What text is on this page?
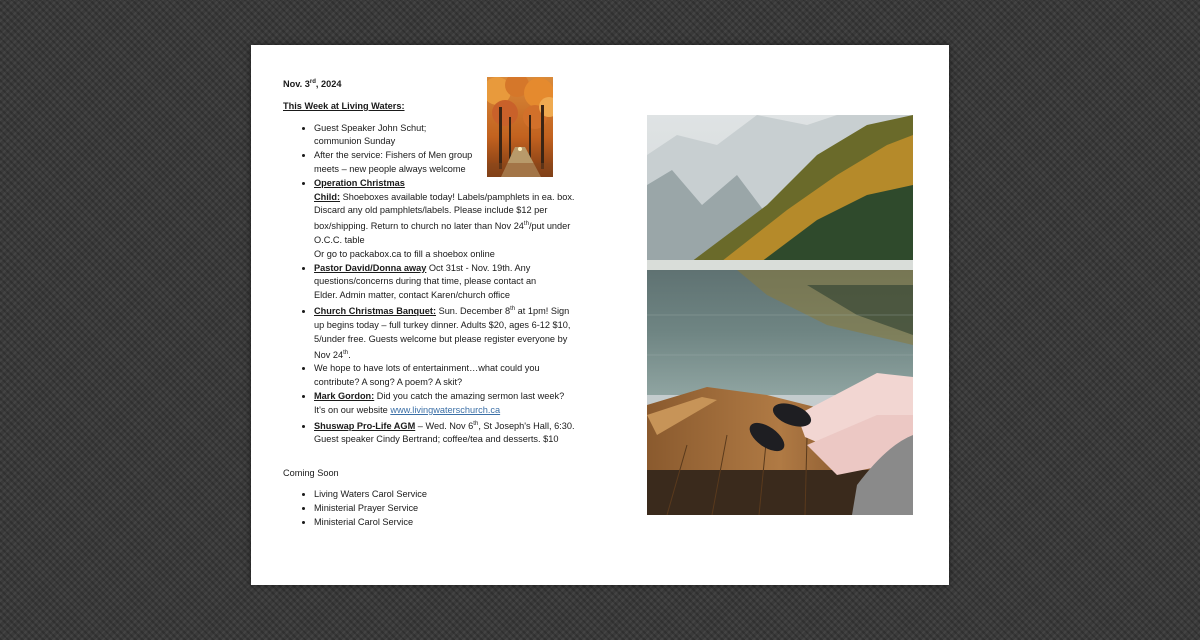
Nov. 3rd, 2024

This Week at Living Waters:

• Guest Speaker John Schut;
communion Sunday
• After the service: Fishers of Men group
meets – new people always welcome
• Operation Christmas
Child: Shoeboxes available today! Labels/pamphlets in ea. box.
Discard any old pamphlets/labels. Please include $12 per
box/shipping. Return to church no later than Nov 24th/put under
O.C.C. table
Or go to packabox.ca to fill a shoebox online
• Pastor David/Donna away Oct 31st - Nov. 19th. Any
questions/concerns during that time, please contact an
Elder. Admin matter, contact Karen/church office
• Church Christmas Banquet: Sun. December 8th at 1pm! Sign
up begins today – full turkey dinner. Adults $20, ages 6-12 $10,
5/under free. Guests welcome but please register everyone by
Nov 24th.
• We hope to have lots of entertainment…what could you
contribute? A song? A poem? A skit?
• Mark Gordon: Did you catch the amazing sermon last week?
It's on our website www.livingwaterschurch.ca
• Shuswap Pro-Life AGM – Wed. Nov 6th, St Joseph's Hall, 6:30.
Guest speaker Cindy Bertrand; coffee/tea and desserts. $10

Coming Soon

• Living Waters Carol Service
• Ministerial Prayer Service
• Ministerial Carol Service
